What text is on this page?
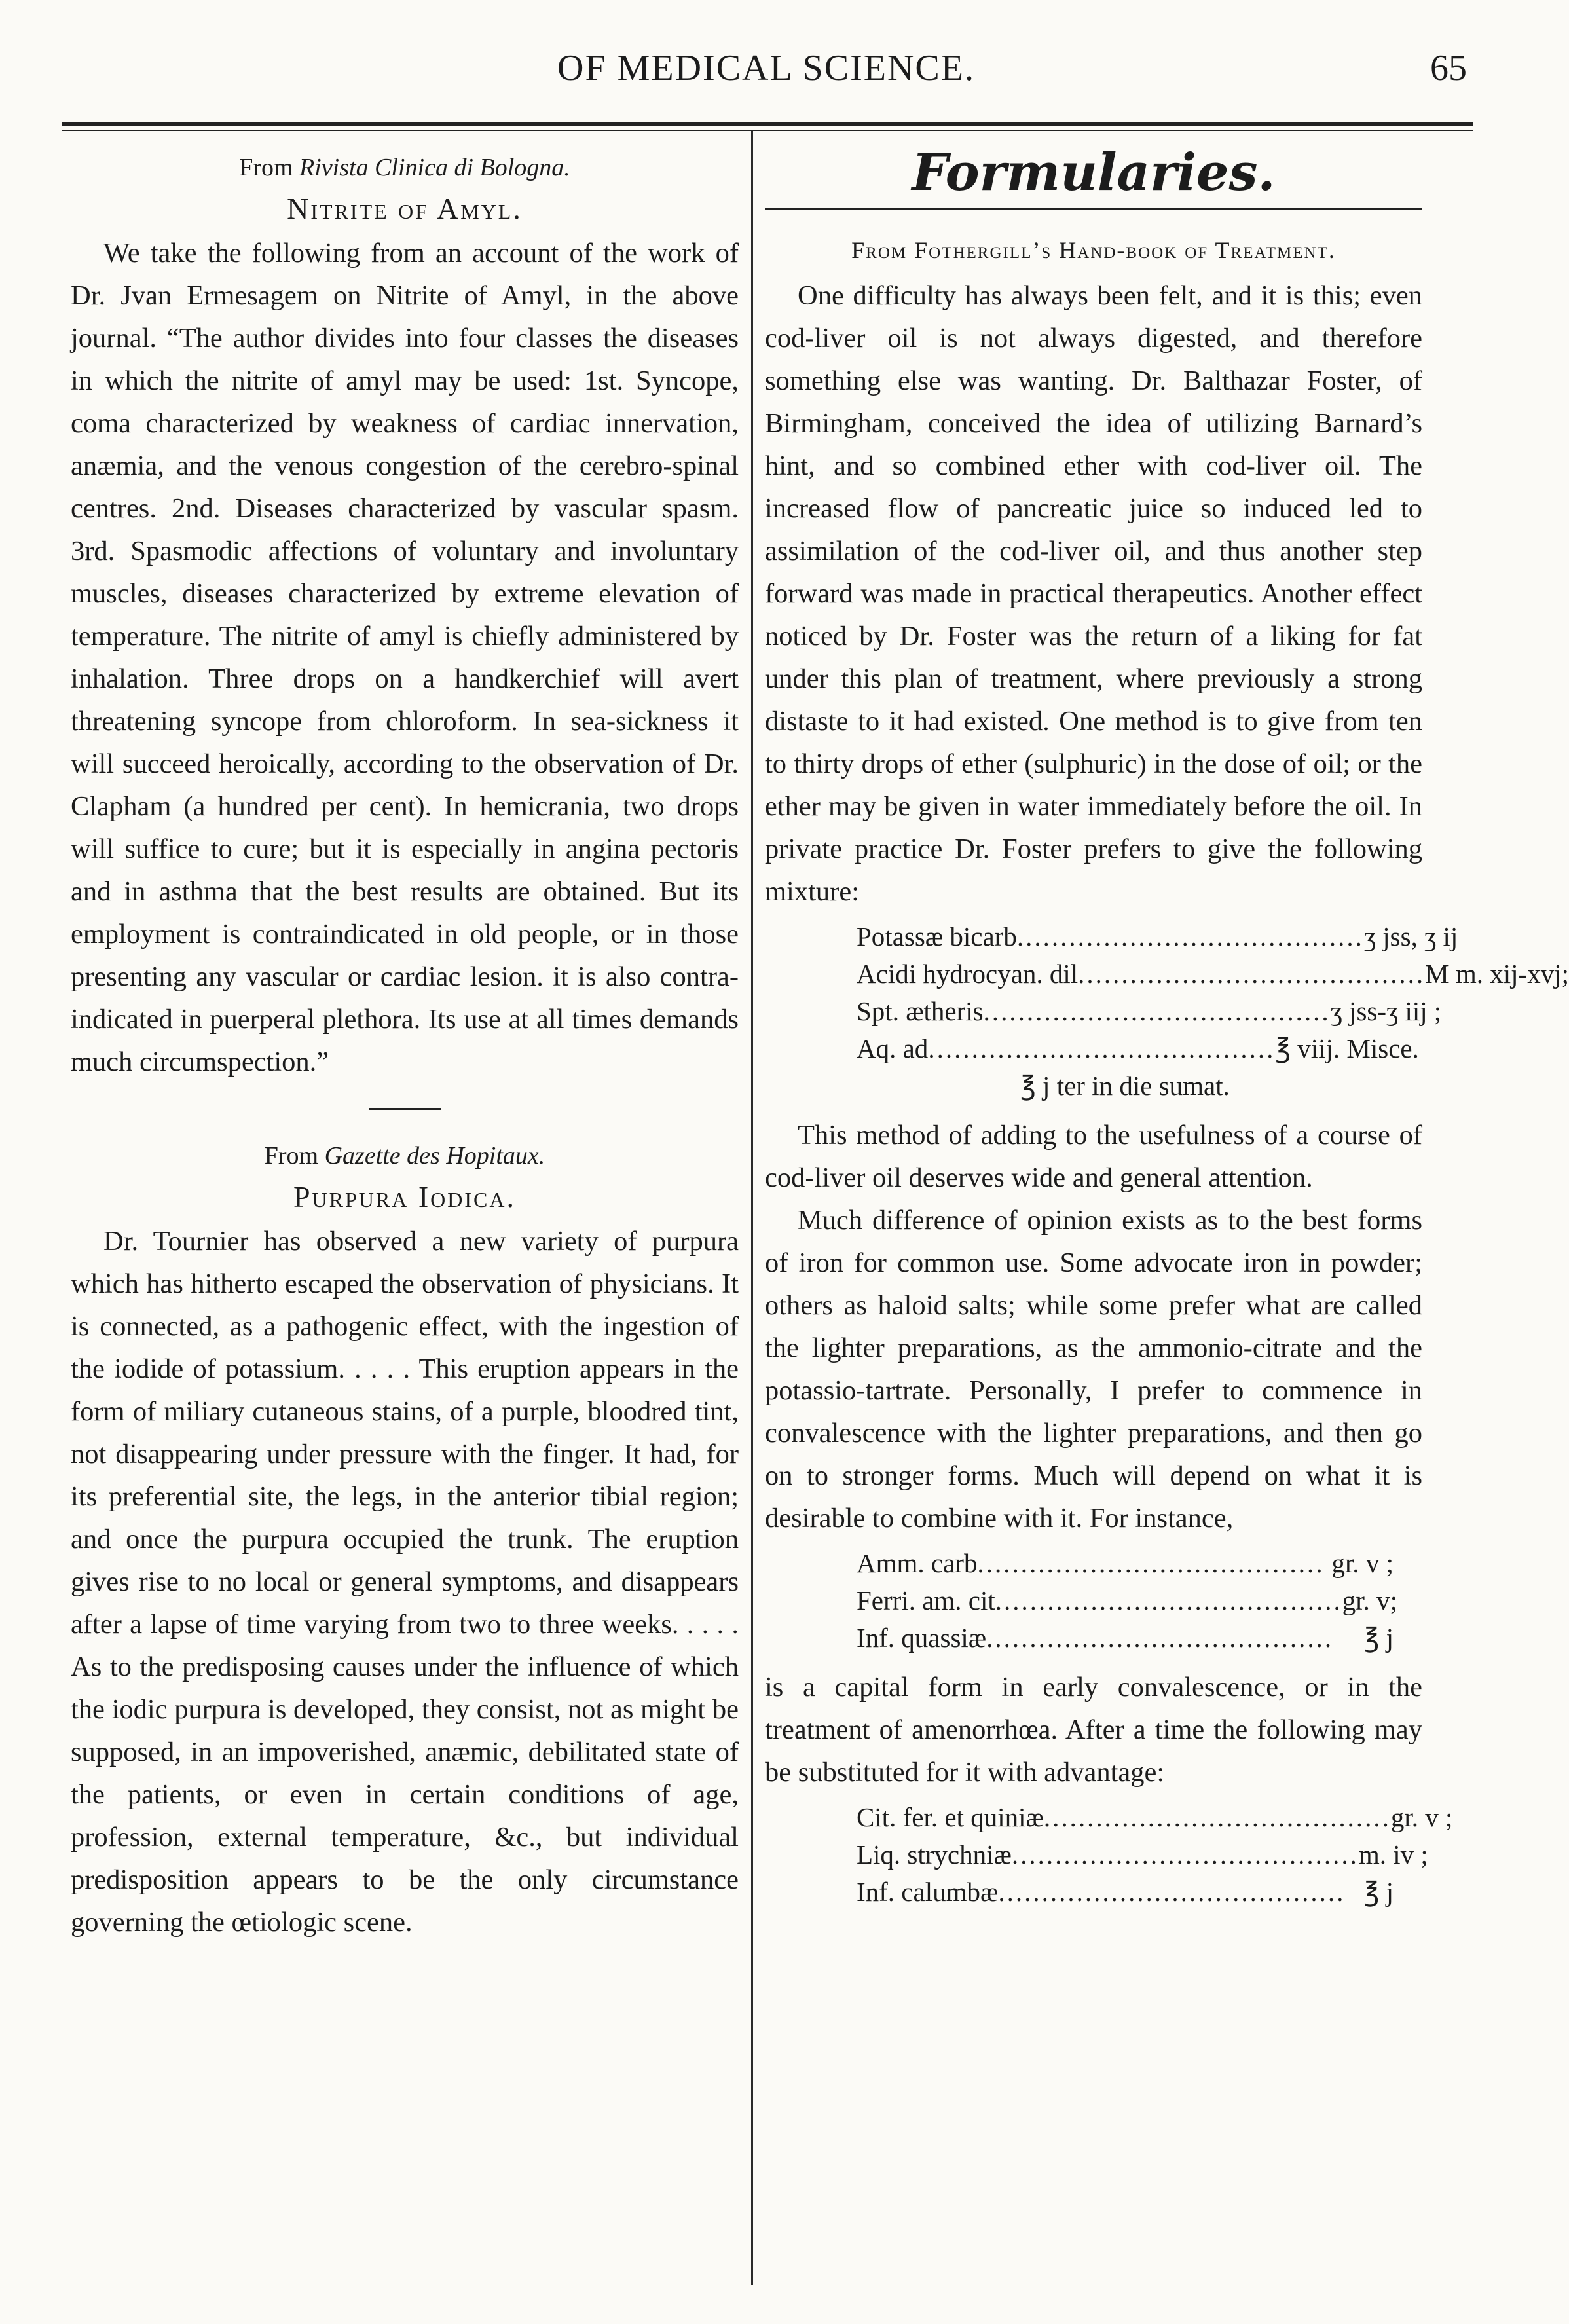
OF MEDICAL SCIENCE.	65
From Rivista Clinica di Bologna.
Nitrite of Amyl.

We take the following from an account of the work of Dr. Jvan Ermesagem on Nitrite of Amyl, in the above journal. “The author divides into four classes the diseases in which the nitrite of amyl may be used: 1st. Syncope, coma characterized by weakness of cardiac innervation, anæmia, and the venous congestion of the cerebro-spinal centres. 2nd. Diseases characterized by vascular spasm. 3rd. Spasmodic affections of voluntary and involuntary muscles, diseases characterized by extreme elevation of temperature. The nitrite of amyl is chiefly administered by inhalation. Three drops on a handkerchief will avert threatening syncope from chloroform. In sea-sickness it will succeed heroically, according to the observation of Dr. Clapham (a hundred per cent). In hemicrania, two drops will suffice to cure; but it is especially in angina pectoris and in asthma that the best results are obtained. But its employment is contraindicated in old people, or in those presenting any vascular or cardiac lesion. it is also contra-indicated in puerperal plethora. Its use at all times demands much circumspection.”

From Gazette des Hopitaux.
Purpura Iodica.

Dr. Tournier has observed a new variety of purpura which has hitherto escaped the observation of physicians. It is connected, as a pathogenic effect, with the ingestion of the iodide of potassium. . . . . This eruption appears in the form of miliary cutaneous stains, of a purple, bloodred tint, not disappearing under pressure with the finger. It had, for its preferential site, the legs, in the anterior tibial region; and once the purpura occupied the trunk. The eruption gives rise to no local or general symptoms, and disappears after a lapse of time varying from two to three weeks. . . . . As to the predisposing causes under the influence of which the iodic purpura is developed, they consist, not as might be supposed, in an impoverished, anæmic, debilitated state of the patients, or even in certain conditions of age, profession, external temperature, &c., but individual predisposition appears to be the only circumstance governing the œtiologic scene.

Formularies.
From Fothergill’s Hand-book of Treatment.

One difficulty has always been felt, and it is this; even cod-liver oil is not always digested, and therefore something else was wanting. Dr. Balthazar Foster, of Birmingham, conceived the idea of utilizing Barnard’s hint, and so combined ether with cod-liver oil. The increased flow of pancreatic juice so induced led to assimilation of the cod-liver oil, and thus another step forward was made in practical therapeutics. Another effect noticed by Dr. Foster was the return of a liking for fat under this plan of treatment, where previously a strong distaste to it had existed. One method is to give from ten to thirty drops of ether (sulphuric) in the dose of oil; or the ether may be given in water immediately before the oil. In private practice Dr. Foster prefers to give the following mixture:

Potassæ bicarb ........................................ ʒ jss, ʒ ij
Acidi hydrocyan. dil ........................................ M m. xij-xvj;
Spt. ætheris ........................................ ʒ jss-ʒ iij ;
Aq. ad ........................................ ℥ viij. Misce.
℥ j ter in die sumat.

This method of adding to the usefulness of a course of cod-liver oil deserves wide and general attention.

Much difference of opinion exists as to the best forms of iron for common use. Some advocate iron in powder; others as haloid salts; while some prefer what are called the lighter preparations, as the ammonio-citrate and the potassio-tartrate. Personally, I prefer to commence in convalescence with the lighter preparations, and then go on to stronger forms. Much will depend on what it is desirable to combine with it. For instance,

Amm. carb ........................................ gr. v ;
Ferri. am. cit ........................................ gr. v;
Inf. quassiæ ........................................	℥ j

is a capital form in early convalescence, or in the treatment of amenorrhœa. After a time the following may be substituted for it with advantage:

Cit. fer. et quiniæ ........................................ gr. v ;
Liq. strychniæ ........................................ m. iv ;
Inf. calumbæ ........................................ ℥ j
